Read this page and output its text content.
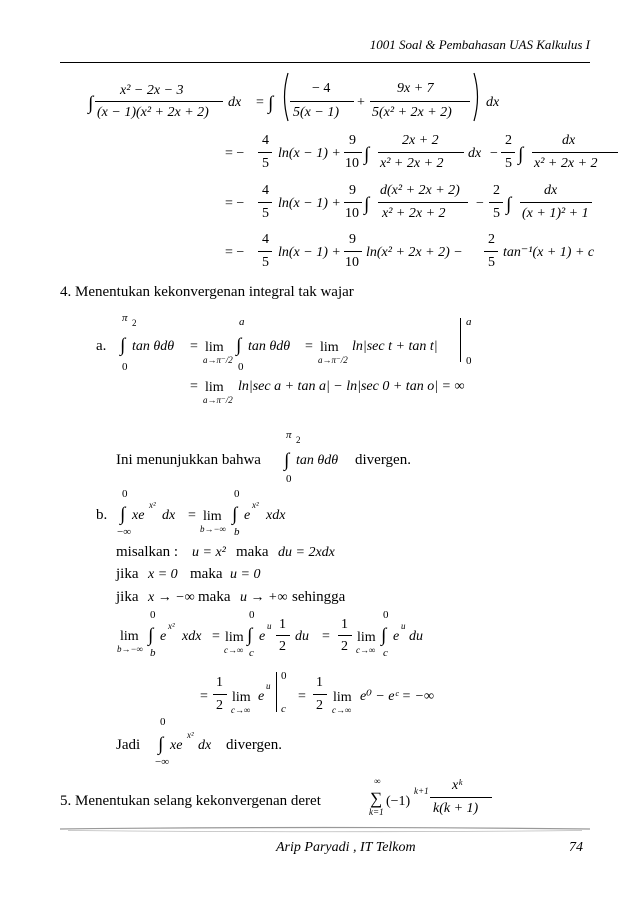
1001 Soal & Pembahasan UAS Kalkulus I
∫
x² − 2x − 3
(x − 1)(x² + 2x + 2)
dx = ∫
− 4
5(x − 1)
+
9x + 7
5(x² + 2x + 2)
dx
= −
4
5
ln(x − 1) +
9
10 ∫
2x + 2
x² + 2x + 2
dx −
2
5 ∫
dx
x² + 2x + 2
= −
4
5
ln(x − 1) +
9
10 ∫
d(x² + 2x + 2)
x² + 2x + 2
−
2
5 ∫
dx
(x + 1)² + 1
= −
4
5
ln(x − 1) +
9
10
ln(x² + 2x + 2) −
2
5
tan⁻¹(x + 1) + c
4. Menentukan kekonvergenan integral tak wajar
a.
π 2
∫
0
tan θdθ = lim
a→π⁻/2
a
∫
0
tan θdθ = lim
a→π⁻/2
ln|sec t + tan t|
a
0
= lim
a→π⁻/2
ln|sec a + tan a| − ln|sec 0 + tan o| = ∞
Ini menunjukkan bahwa
π 2
∫
0
tan θdθ divergen.
b.
0
∫
−∞
xe
x²
dx = lim
b→−∞
0
∫
b
e
x²
xdx
misalkan : u = x² maka du = 2xdx
jika x = 0 maka u = 0
jika x → −∞ maka u → +∞ sehingga
lim
b→−∞
0
∫
b
e
x²
xdx = lim
c→∞
0
∫
c
e
u 1
2
du =
1
2
lim
c→∞
0
∫
c
e
u
du
=
1
2
lim
c→∞
e
u
0
c
=
1
2
lim
c→∞
e⁰ − eᶜ = −∞
Jadi
0
∫
−∞
xe
x²
dx divergen.
5. Menentukan selang kekonvergenan deret
∞
∑
k=1
(−1)
k+1 xᵏ
k(k + 1)
Arip Paryadi , IT Telkom	74
